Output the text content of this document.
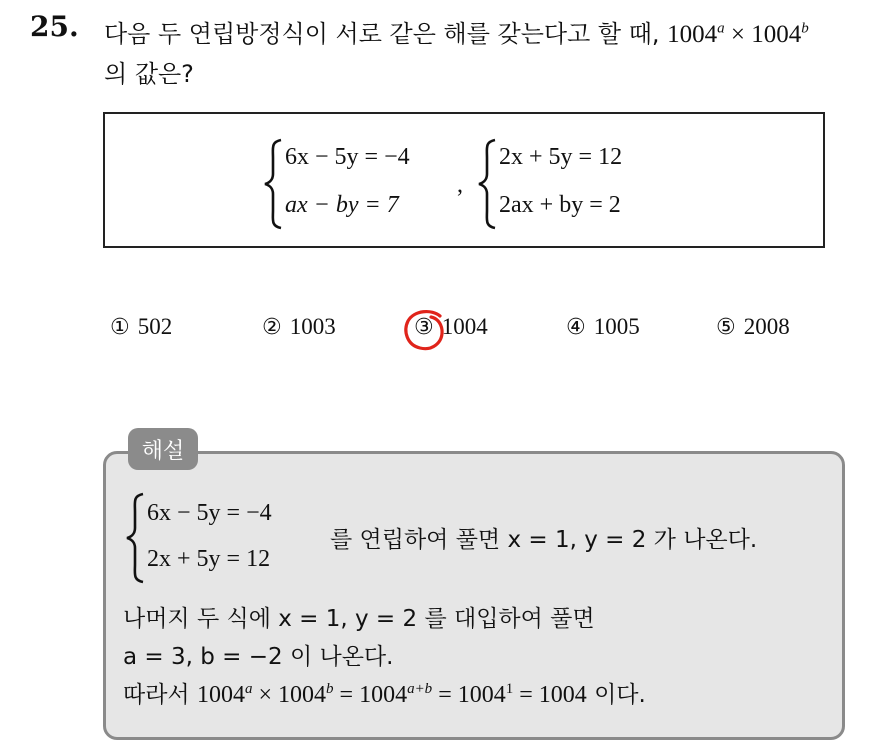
25. 다음 두 연립방정식이 서로 같은 해를 갖는다고 할 때, $1004^a \times 1004^b$
의 값은?
6x − 5y = −4
ax − by = 7
,
2x + 5y = 12
2ax + by = 2
① 502	② 1003	③ 1004	④ 1005	⑤ 2008
해설
6x − 5y = −4
2x + 5y = 12
를 연립하여 풀면 x = 1, y = 2 가 나온다.
나머지 두 식에 x = 1, y = 2 를 대입하여 풀면
a = 3, b = −2 이 나온다.
따라서 $1004^a \times 1004^b = 1004^{a+b} = 1004^1 = 1004$ 이다.
